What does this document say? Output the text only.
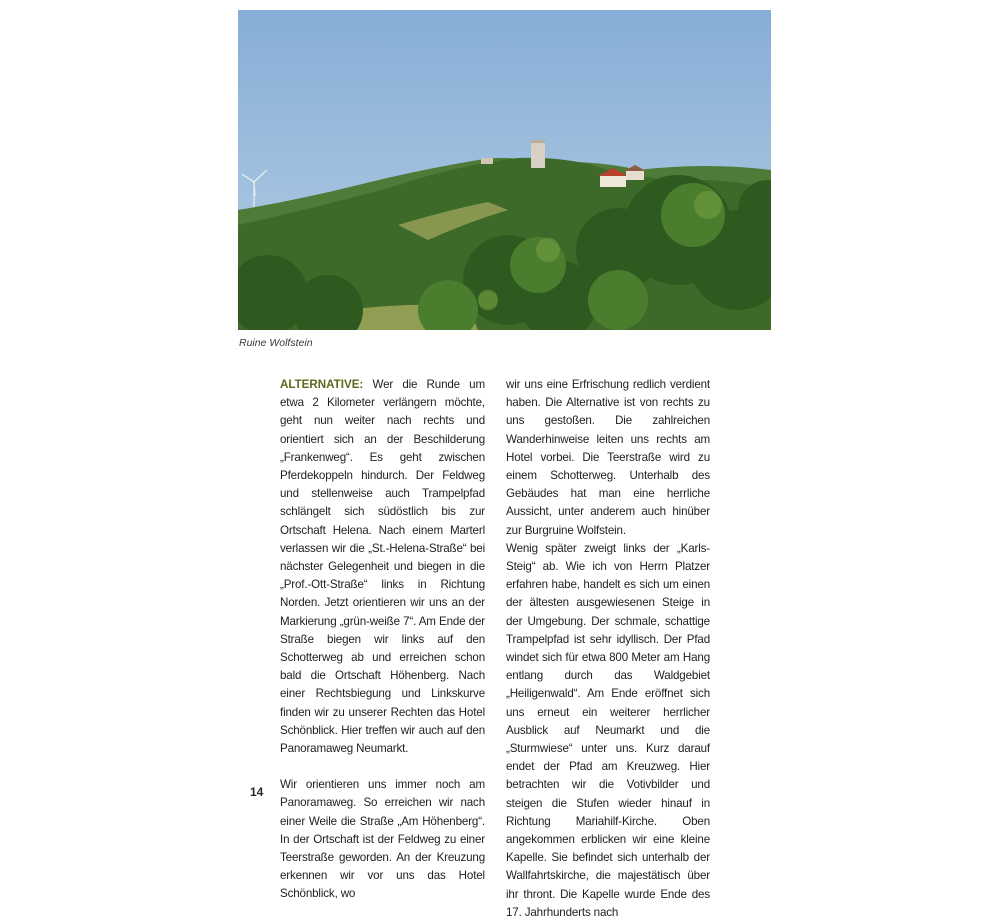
Ruine Wolfstein

ALTERNATIVE: Wer die Runde um etwa 2 Kilometer verlängern möchte, geht nun weiter nach rechts und orientiert sich an der Beschilderung „Frankenweg“. Es geht zwischen Pferdekoppeln hindurch. Der Feldweg und stellenweise auch Trampelpfad schlängelt sich südöstlich bis zur Ortschaft Helena. Nach einem Marterl verlassen wir die „St.-Helena-Straße“ bei nächster Gelegenheit und biegen in die „Prof.-Ott-Straße“ links in Richtung Norden. Jetzt orientieren wir uns an der Markierung „grün-weiße 7“. Am Ende der Straße biegen wir links auf den Schotterweg ab und erreichen schon bald die Ortschaft Höhenberg. Nach einer Rechtsbiegung und Linkskurve finden wir zu unserer Rechten das Hotel Schönblick. Hier treffen wir auch auf den Panoramaweg Neumarkt.

Wir orientieren uns immer noch am Panoramaweg. So erreichen wir nach einer Weile die Straße „Am Höhenberg“. In der Ortschaft ist der Feldweg zu einer Teerstraße geworden. An der Kreuzung erkennen wir vor uns das Hotel Schönblick, wo

wir uns eine Erfrischung redlich verdient haben. Die Alternative ist von rechts zu uns gestoßen. Die zahlreichen Wanderhinweise leiten uns rechts am Hotel vorbei. Die Teerstraße wird zu einem Schotterweg. Unterhalb des Gebäudes hat man eine herrliche Aussicht, unter anderem auch hinüber zur Burgruine Wolfstein.

Wenig später zweigt links der „Karls-Steig“ ab. Wie ich von Herrn Platzer erfahren habe, handelt es sich um einen der ältesten ausgewiesenen Steige in der Umgebung. Der schmale, schattige Trampelpfad ist sehr idyllisch. Der Pfad windet sich für etwa 800 Meter am Hang entlang durch das Waldgebiet „Heiligenwald“. Am Ende eröffnet sich uns erneut ein weiterer herrlicher Ausblick auf Neumarkt und die „Sturmwiese“ unter uns. Kurz darauf endet der Pfad am Kreuzweg. Hier betrachten wir die Votivbilder und steigen die Stufen wieder hinauf in Richtung Mariahilf-Kirche. Oben angekommen erblicken wir eine kleine Kapelle. Sie befindet sich unterhalb der Wallfahrtskirche, die majestätisch über ihr thront. Die Kapelle wurde Ende des 17. Jahrhunderts nach

14
